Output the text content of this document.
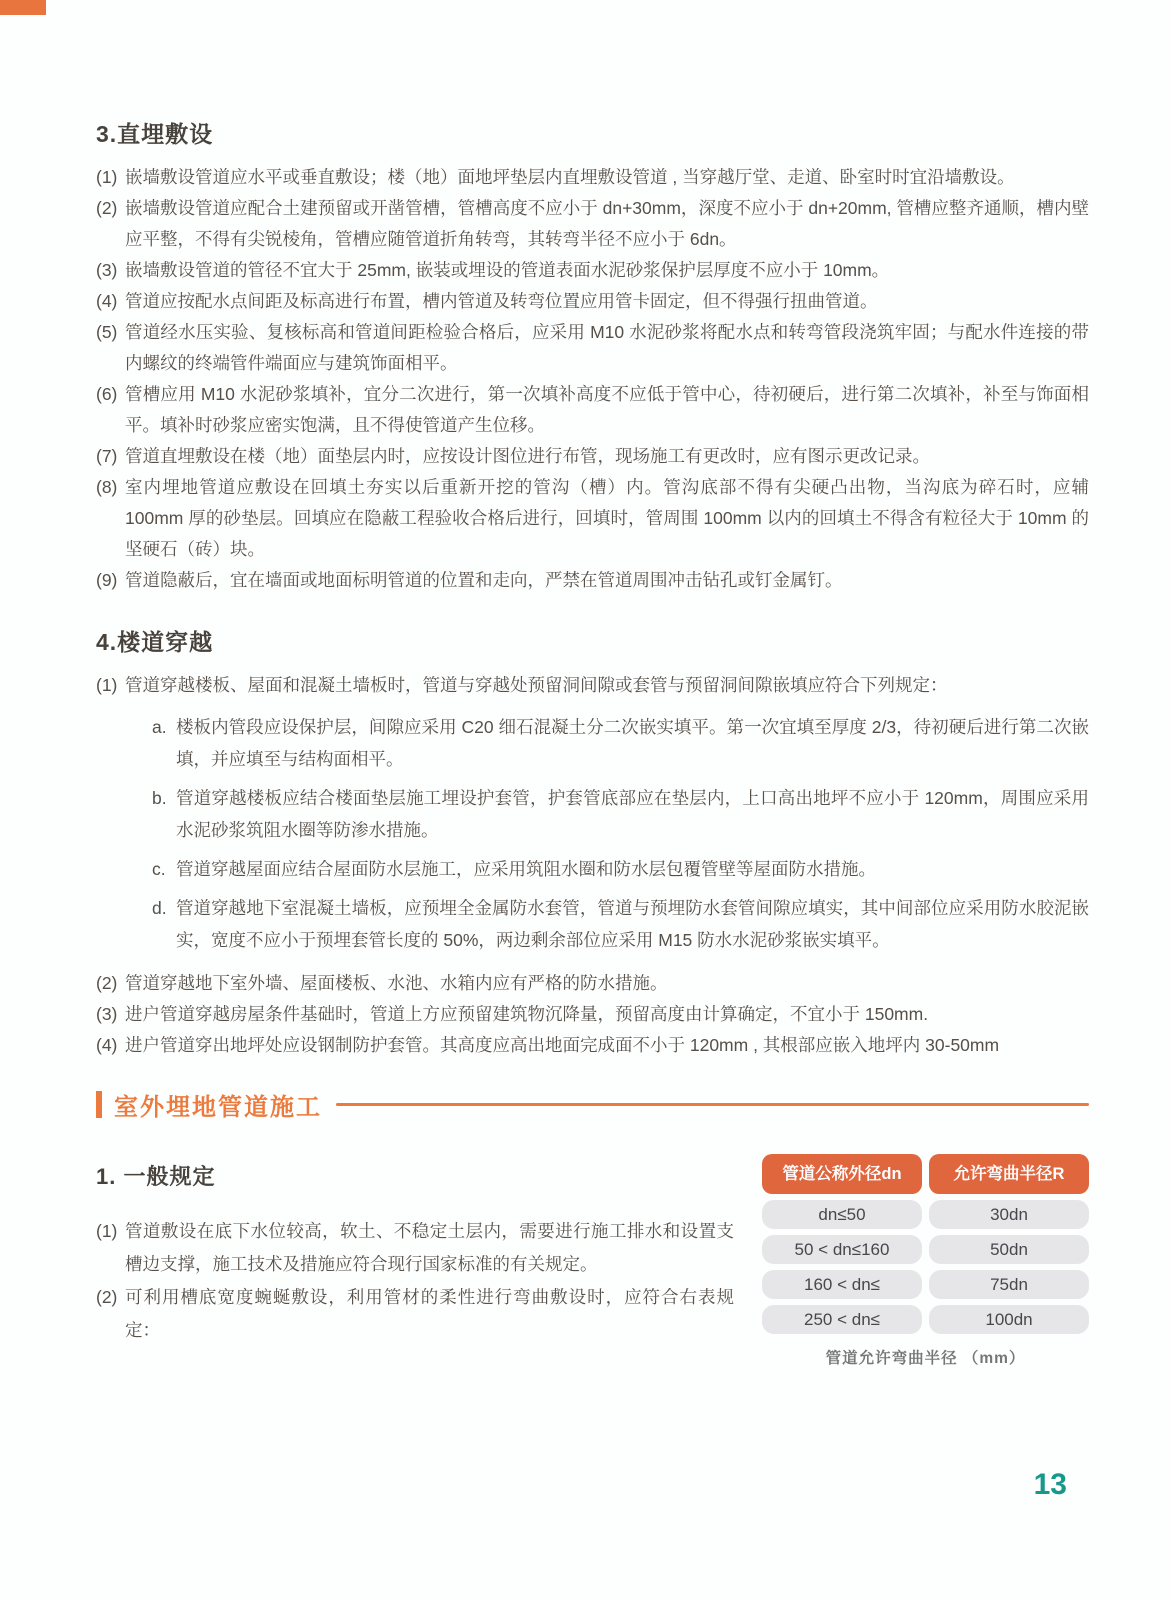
3.直埋敷设
(1) 嵌墙敷设管道应水平或垂直敷设；楼（地）面地坪垫层内直埋敷设管道 , 当穿越厅堂、走道、卧室时时宜沿墙敷设。
(2) 嵌墙敷设管道应配合土建预留或开凿管槽，管槽高度不应小于 dn+30mm，深度不应小于 dn+20mm, 管槽应整齐通顺，槽内壁应平整，不得有尖锐棱角，管槽应随管道折角转弯，其转弯半径不应小于 6dn。
(3) 嵌墙敷设管道的管径不宜大于 25mm, 嵌装或埋设的管道表面水泥砂浆保护层厚度不应小于 10mm。
(4) 管道应按配水点间距及标高进行布置，槽内管道及转弯位置应用管卡固定，但不得强行扭曲管道。
(5) 管道经水压实验、复核标高和管道间距检验合格后，应采用 M10 水泥砂浆将配水点和转弯管段浇筑牢固；与配水件连接的带内螺纹的终端管件端面应与建筑饰面相平。
(6) 管槽应用 M10 水泥砂浆填补，宜分二次进行，第一次填补高度不应低于管中心，待初硬后，进行第二次填补，补至与饰面相平。填补时砂浆应密实饱满，且不得使管道产生位移。
(7) 管道直埋敷设在楼（地）面垫层内时，应按设计图位进行布管，现场施工有更改时，应有图示更改记录。
(8) 室内埋地管道应敷设在回填土夯实以后重新开挖的管沟（槽）内。管沟底部不得有尖硬凸出物，当沟底为碎石时，应辅 100mm 厚的砂垫层。回填应在隐蔽工程验收合格后进行，回填时，管周围 100mm 以内的回填土不得含有粒径大于 10mm 的坚硬石（砖）块。
(9) 管道隐蔽后，宜在墙面或地面标明管道的位置和走向，严禁在管道周围冲击钻孔或钉金属钉。
4.楼道穿越
(1) 管道穿越楼板、屋面和混凝土墙板时，管道与穿越处预留洞间隙或套管与预留洞间隙嵌填应符合下列规定：
a. 楼板内管段应设保护层，间隙应采用 C20 细石混凝土分二次嵌实填平。第一次宜填至厚度 2/3，待初硬后进行第二次嵌填，并应填至与结构面相平。
b. 管道穿越楼板应结合楼面垫层施工埋设护套管，护套管底部应在垫层内，上口高出地坪不应小于 120mm，周围应采用水泥砂浆筑阻水圈等防渗水措施。
c. 管道穿越屋面应结合屋面防水层施工，应采用筑阻水圈和防水层包覆管壁等屋面防水措施。
d. 管道穿越地下室混凝土墙板，应预埋全金属防水套管，管道与预埋防水套管间隙应填实，其中间部位应采用防水胶泥嵌实，宽度不应小于预埋套管长度的 50%，两边剩余部位应采用 M15 防水水泥砂浆嵌实填平。
(2) 管道穿越地下室外墙、屋面楼板、水池、水箱内应有严格的防水措施。
(3) 进户管道穿越房屋条件基础时，管道上方应预留建筑物沉降量，预留高度由计算确定，不宜小于 150mm.
(4) 进户管道穿出地坪处应设钢制防护套管。其高度应高出地面完成面不小于 120mm , 其根部应嵌入地坪内 30-50mm
室外埋地管道施工
1. 一般规定
(1) 管道敷设在底下水位较高，软土、不稳定土层内，需要进行施工排水和设置支槽边支撑，施工技术及措施应符合现行国家标准的有关规定。
(2) 可利用槽底宽度蜿蜒敷设，利用管材的柔性进行弯曲敷设时，应符合右表规定：
管道公称外径dn	允许弯曲半径R
dn≤50	30dn
50 < dn≤160	50dn
160 < dn≤	75dn
250 < dn≤	100dn
管道允许弯曲半径 （mm）
13
